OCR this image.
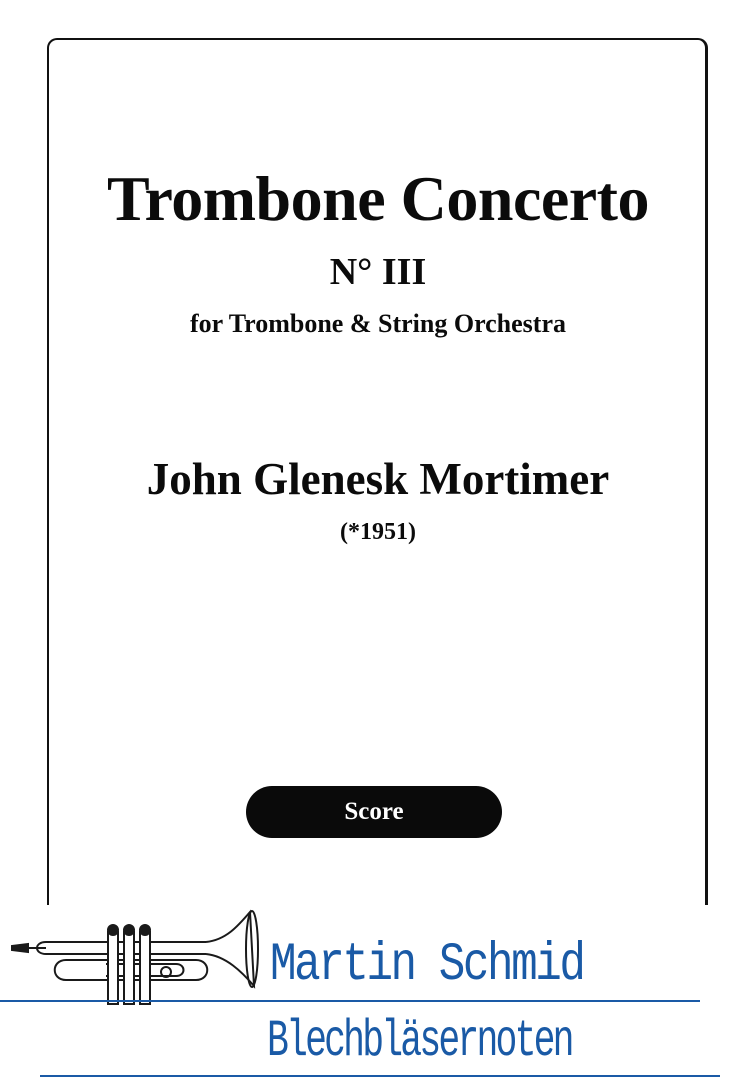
Trombone Concerto
N° III
for Trombone & String Orchestra
John Glenesk Mortimer
(*1951)
Score
Martin Schmid
Blechbläsernoten
